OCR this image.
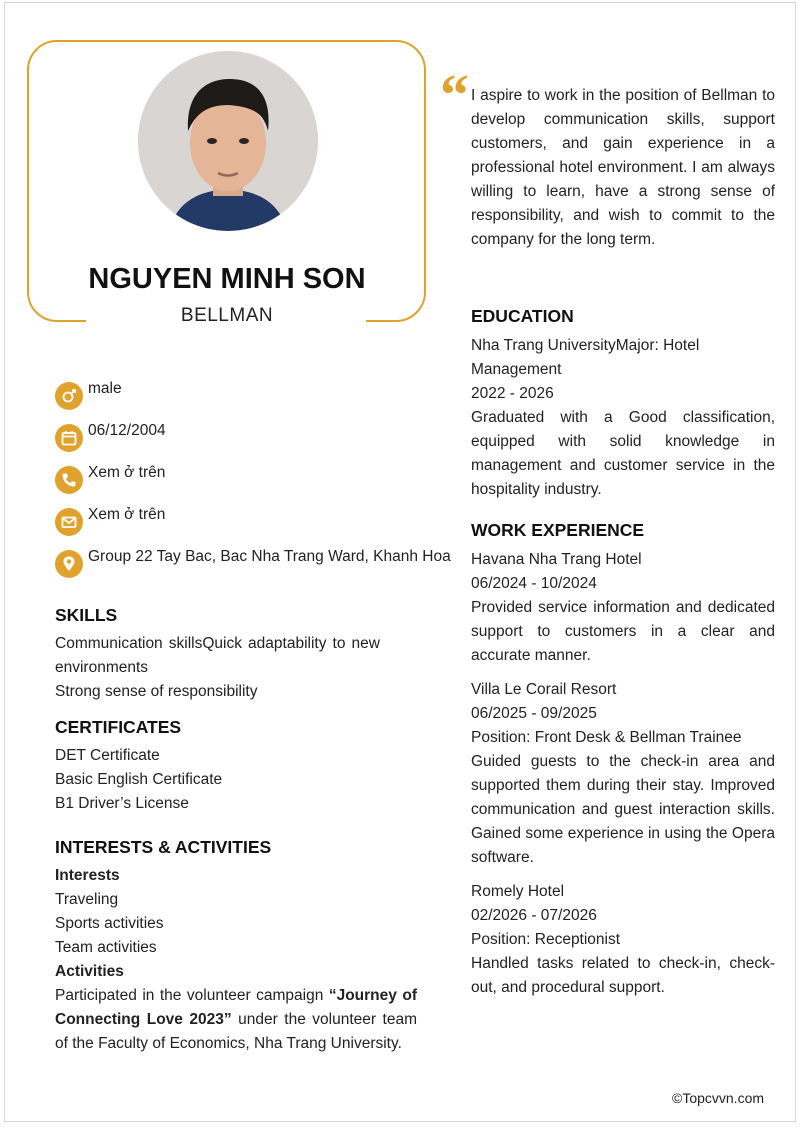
NGUYEN MINH SON
BELLMAN
“ I aspire to work in the position of Bellman to develop communication skills, support customers, and gain experience in a professional hotel environment. I am always willing to learn, have a strong sense of responsibility, and wish to commit to the company for the long term.
male
06/12/2004
Xem ở trên
Xem ở trên
Group 22 Tay Bac, Bac Nha Trang Ward, Khanh Hoa
SKILLS
Communication skillsQuick adaptability to new environments
Strong sense of responsibility
CERTIFICATES
DET Certificate
Basic English Certificate
B1 Driver’s License
INTERESTS & ACTIVITIES
Interests
Traveling
Sports activities
Team activities
Activities
Participated in the volunteer campaign “Journey of Connecting Love 2023” under the volunteer team of the Faculty of Economics, Nha Trang University.
EDUCATION
Nha Trang UniversityMajor: Hotel Management
2022 - 2026
Graduated with a Good classification, equipped with solid knowledge in management and customer service in the hospitality industry.
WORK EXPERIENCE
Havana Nha Trang Hotel
06/2024 - 10/2024
Provided service information and dedicated support to customers in a clear and accurate manner.
Villa Le Corail Resort
06/2025 - 09/2025
Position: Front Desk & Bellman Trainee
Guided guests to the check-in area and supported them during their stay. Improved communication and guest interaction skills. Gained some experience in using the Opera software.
Romely Hotel
02/2026 - 07/2026
Position: Receptionist
Handled tasks related to check-in, check-out, and procedural support.
©Topcvvn.com
